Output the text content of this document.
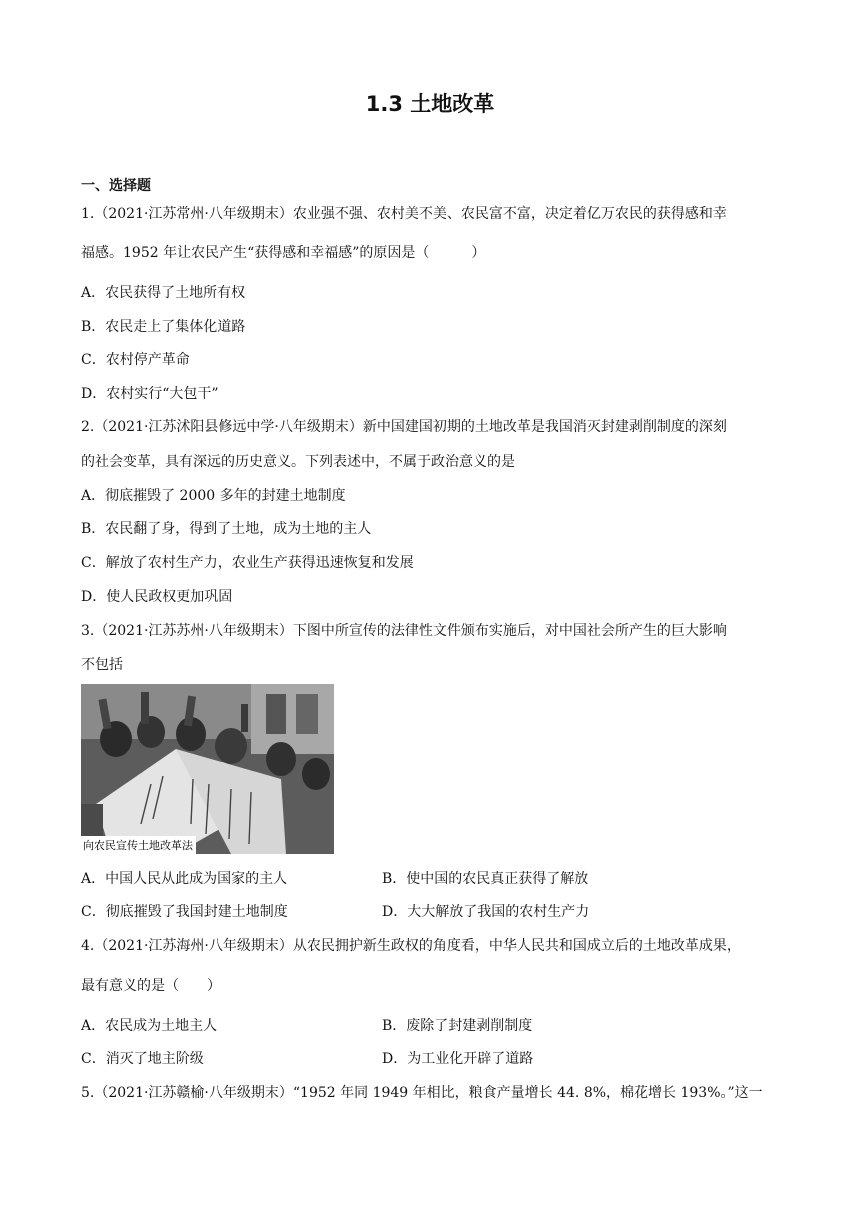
1.3 土地改革
一、选择题
1.（2021·江苏常州·八年级期末）农业强不强、农村美不美、农民富不富，决定着亿万农民的获得感和幸
福感。1952 年让农民产生“获得感和幸福感”的原因是（　　　）
A．农民获得了土地所有权
B．农民走上了集体化道路
C．农村停产革命
D．农村实行“大包干”
2.（2021·江苏沭阳县修远中学·八年级期末）新中国建国初期的土地改革是我国消灭封建剥削制度的深刻
的社会变革，具有深远的历史意义。下列表述中，不属于政治意义的是
A．彻底摧毁了 2000 多年的封建土地制度
B．农民翻了身，得到了土地，成为土地的主人
C．解放了农村生产力，农业生产获得迅速恢复和发展
D．使人民政权更加巩固
3.（2021·江苏苏州·八年级期末）下图中所宣传的法律性文件颁布实施后，对中国社会所产生的巨大影响
不包括
向农民宣传土地改革法
A．中国人民从此成为国家的主人	B．使中国的农民真正获得了解放
C．彻底摧毁了我国封建土地制度	D．大大解放了我国的农村生产力
4.（2021·江苏海州·八年级期末）从农民拥护新生政权的角度看，中华人民共和国成立后的土地改革成果，
最有意义的是（　　）
A．农民成为土地主人	B．废除了封建剥削制度
C．消灭了地主阶级	D．为工业化开辟了道路
5.（2021·江苏赣榆·八年级期末）“1952 年同 1949 年相比，粮食产量增长 44. 8%，棉花增长 193%。”这一
